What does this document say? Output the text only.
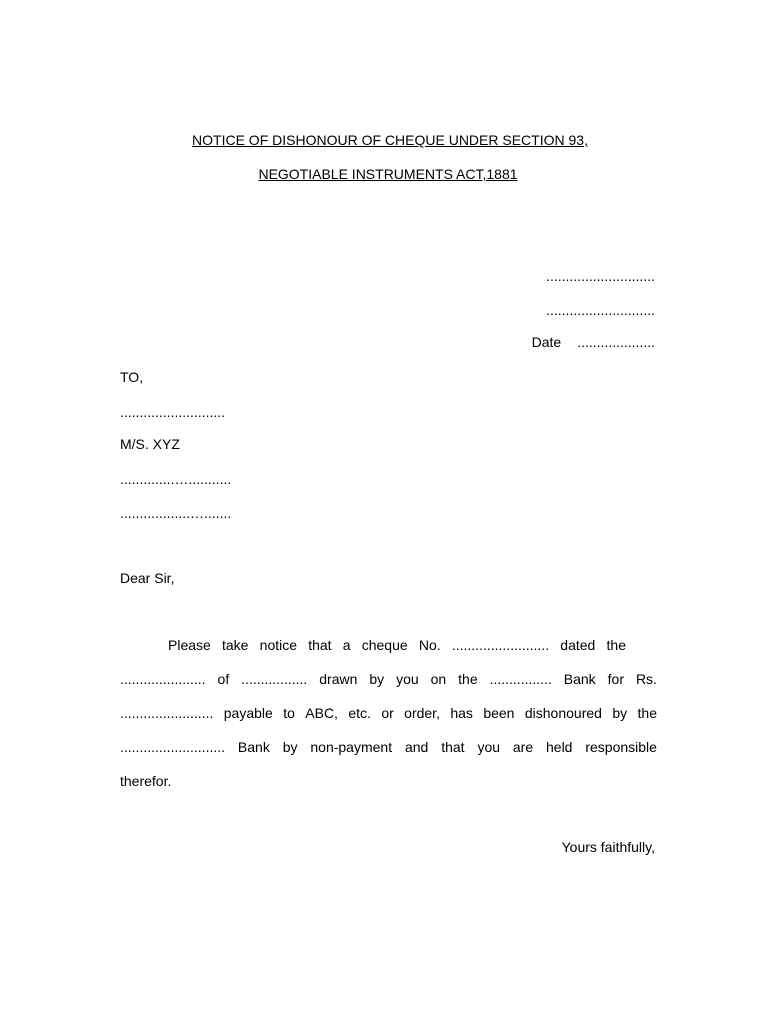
NOTICE OF DISHONOUR OF CHEQUE UNDER SECTION 93,
NEGOTIABLE INSTRUMENTS ACT,1881
............................
............................
Date ....................
TO,
...........................
M/S. XYZ
..............…...........
..................….......
Dear Sir,
Please take notice that a cheque No. ......................... dated the
...................... of ................. drawn by you on the ................ Bank for Rs.
........................ payable to ABC, etc. or order, has been dishonoured by the
........................... Bank by non-payment and that you are held responsible
therefor.
Yours faithfully,
